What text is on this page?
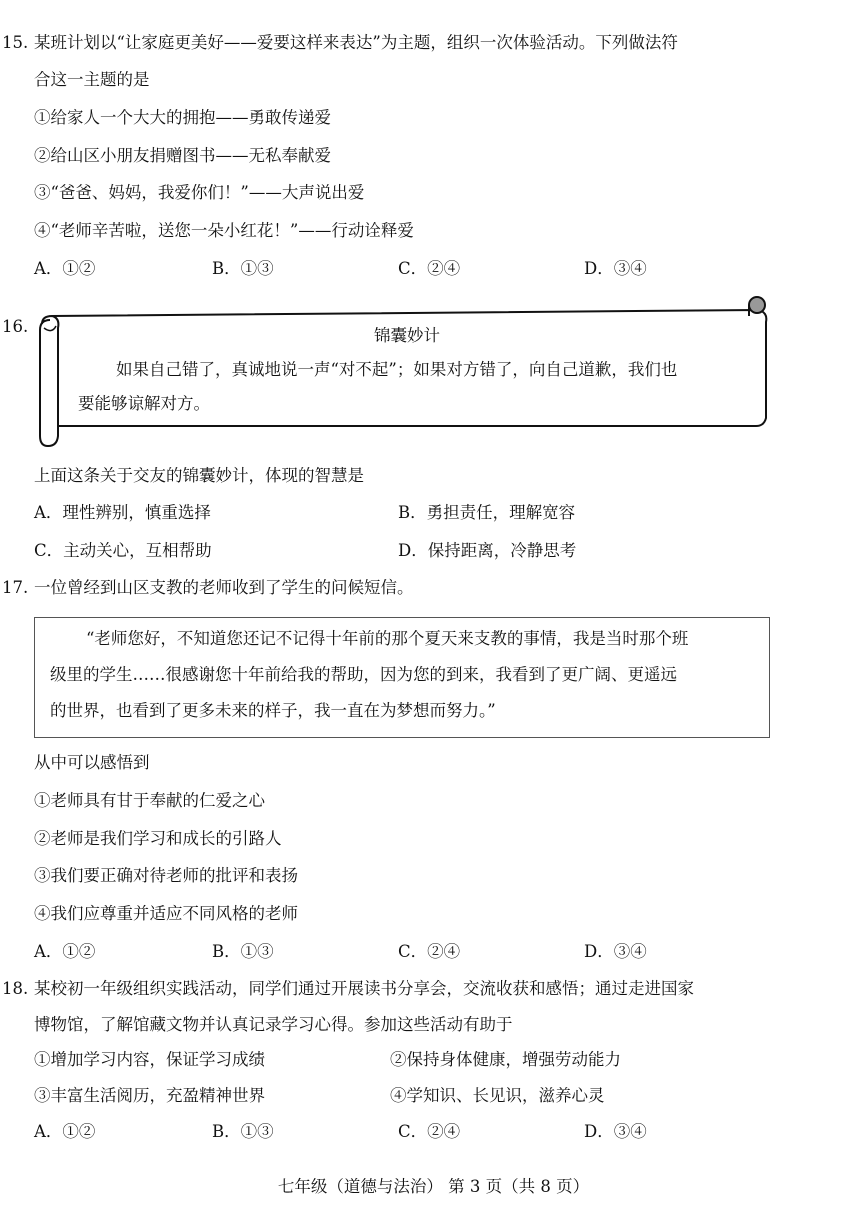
15. 某班计划以“让家庭更美好——爱要这样来表达”为主题，组织一次体验活动。下列做法符
合这一主题的是
①给家人一个大大的拥抱——勇敢传递爱
②给山区小朋友捐赠图书——无私奉献爱
③“爸爸、妈妈，我爱你们！”——大声说出爱
④“老师辛苦啦，送您一朵小红花！”——行动诠释爱
A．①②	B．①③	C．②④	D．③④
16.	锦囊妙计
如果自己错了，真诚地说一声“对不起”；如果对方错了，向自己道歉，我们也
要能够谅解对方。
上面这条关于交友的锦囊妙计，体现的智慧是
A．理性辨别，慎重选择	B．勇担责任，理解宽容
C．主动关心，互相帮助	D．保持距离，冷静思考
17. 一位曾经到山区支教的老师收到了学生的问候短信。
“老师您好，不知道您还记不记得十年前的那个夏天来支教的事情，我是当时那个班
级里的学生……很感谢您十年前给我的帮助，因为您的到来，我看到了更广阔、更遥远
的世界，也看到了更多未来的样子，我一直在为梦想而努力。”
从中可以感悟到
①老师具有甘于奉献的仁爱之心
②老师是我们学习和成长的引路人
③我们要正确对待老师的批评和表扬
④我们应尊重并适应不同风格的老师
A．①②	B．①③	C．②④	D．③④
18. 某校初一年级组织实践活动，同学们通过开展读书分享会，交流收获和感悟；通过走进国家
博物馆，了解馆藏文物并认真记录学习心得。参加这些活动有助于
①增加学习内容，保证学习成绩	②保持身体健康，增强劳动能力
③丰富生活阅历，充盈精神世界	④学知识、长见识，滋养心灵
A．①②	B．①③	C．②④	D．③④
七年级（道德与法治） 第 3 页（共 8 页）
